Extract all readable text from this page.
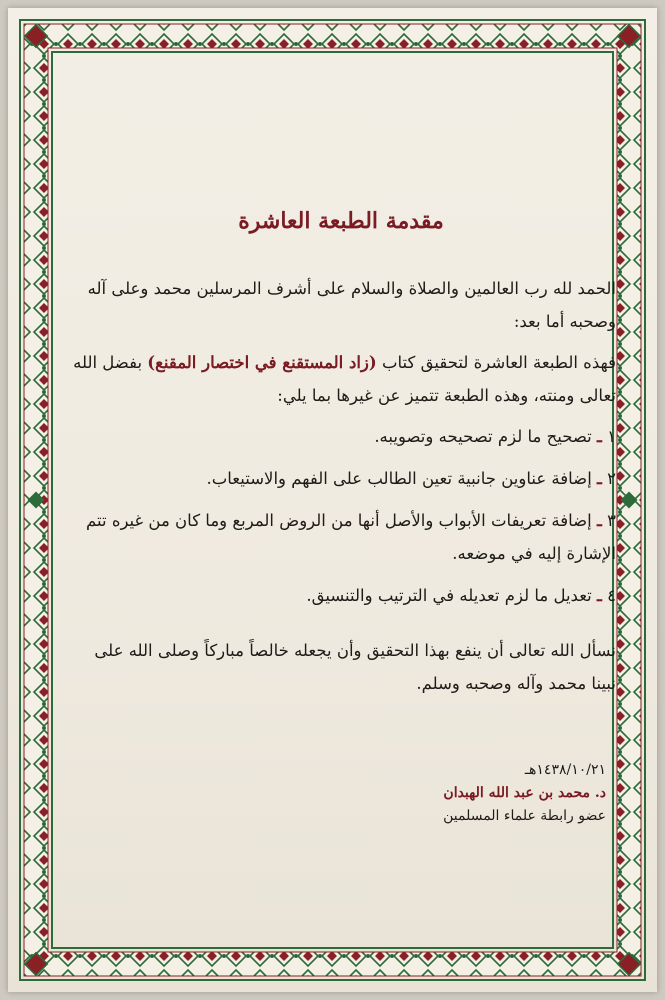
مقدمة الطبعة العاشرة

الحمد لله رب العالمين والصلاة والسلام على أشرف المرسلين محمد وعلى آله وصحبه أما بعد:

فهذه الطبعة العاشرة لتحقيق كتاب (زاد المستقنع في اختصار المقنع) بفضل الله تعالى ومنته، وهذه الطبعة تتميز عن غيرها بما يلي:

١ ـ تصحيح ما لزم تصحيحه وتصويبه.

٢ ـ إضافة عناوين جانبية تعين الطالب على الفهم والاستيعاب.

٣ ـ إضافة تعريفات الأبواب والأصل أنها من الروض المربع وما كان من غيره تتم الإشارة إليه في موضعه.

٤ ـ تعديل ما لزم تعديله في الترتيب والتنسيق.

نسأل الله تعالى أن ينفع بهذا التحقيق وأن يجعله خالصاً مباركاً وصلى الله على نبينا محمد وآله وصحبه وسلم.

١٤٣٨/١٠/٢١هـ
د. محمد بن عبد الله الهبدان
عضو رابطة علماء المسلمين
